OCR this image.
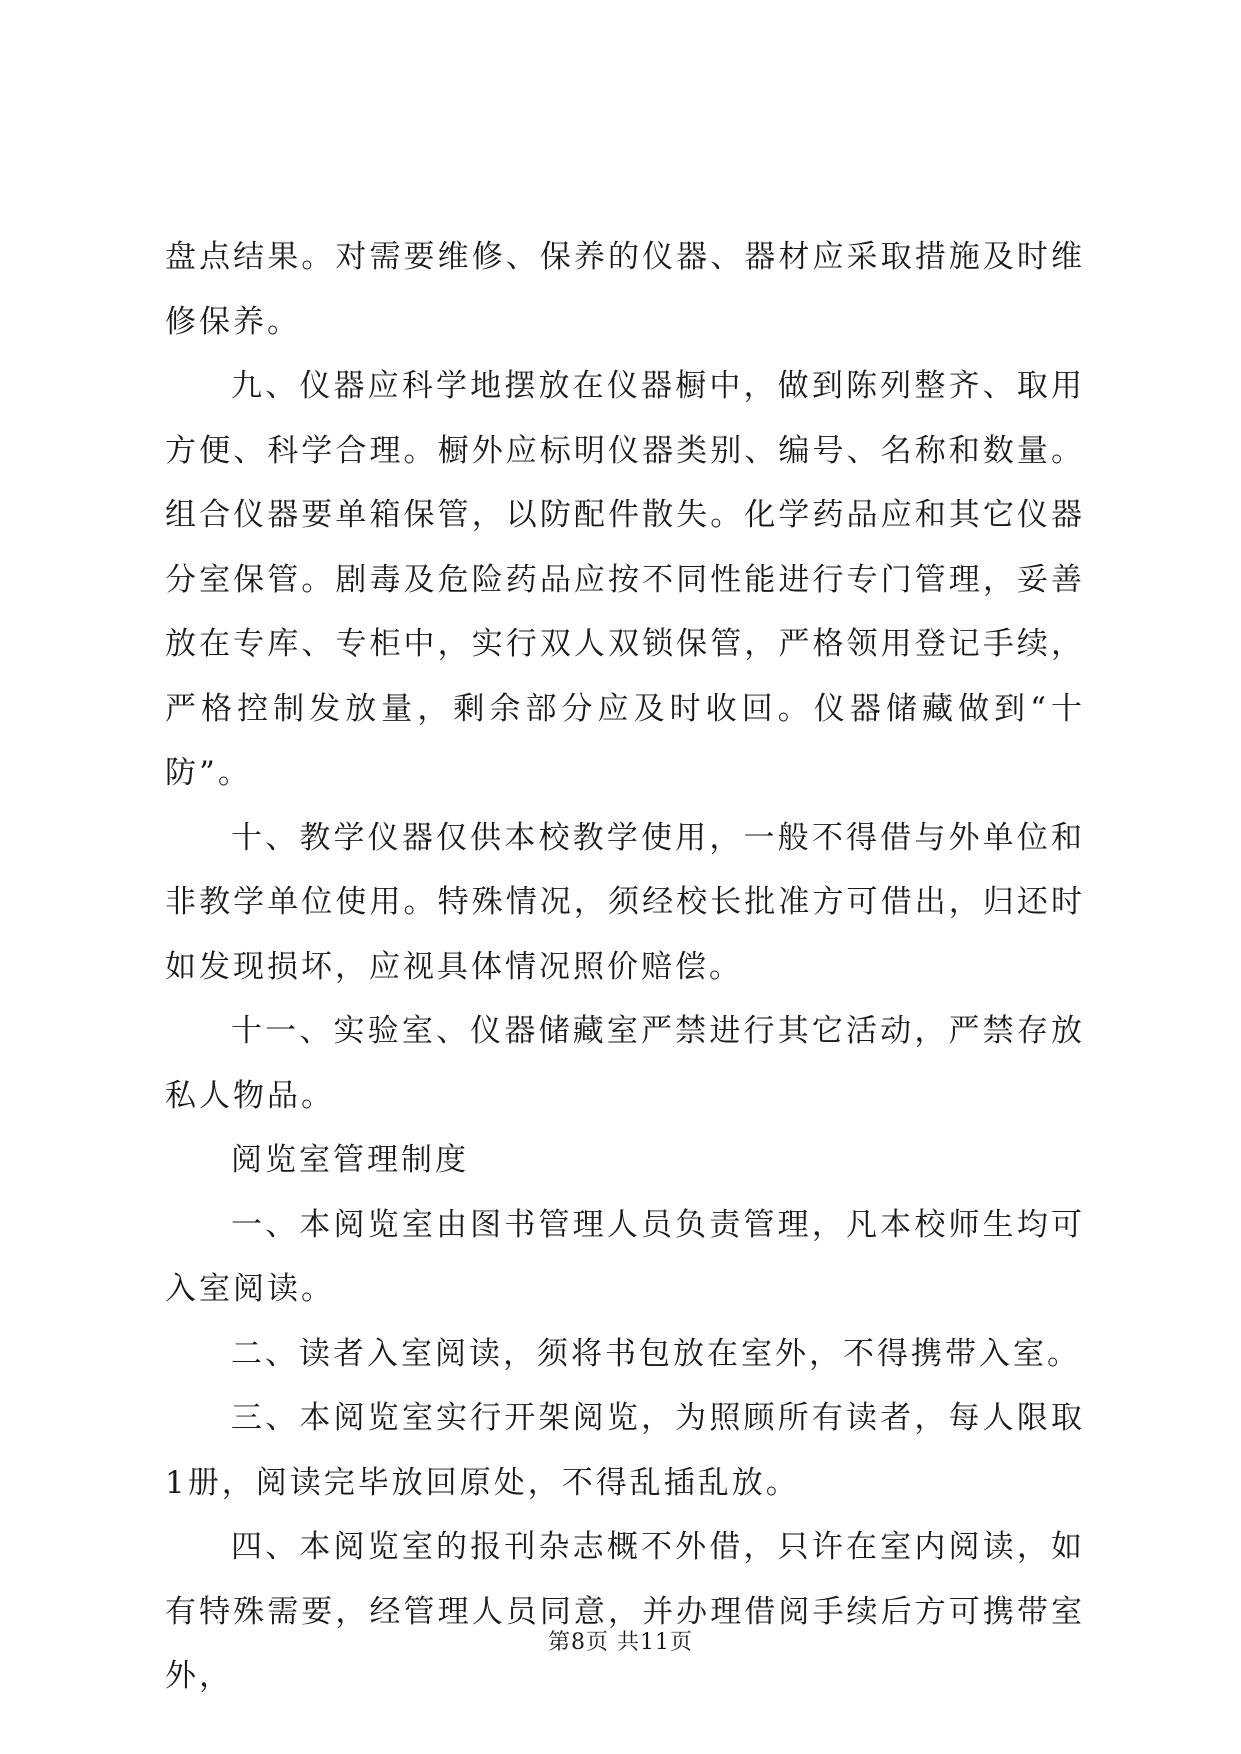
盘点结果。对需要维修、保养的仪器、器材应采取措施及时维修保养。

九、仪器应科学地摆放在仪器橱中，做到陈列整齐、取用方便、科学合理。橱外应标明仪器类别、编号、名称和数量。组合仪器要单箱保管，以防配件散失。化学药品应和其它仪器分室保管。剧毒及危险药品应按不同性能进行专门管理，妥善放在专库、专柜中，实行双人双锁保管，严格领用登记手续，严格控制发放量，剩余部分应及时收回。仪器储藏做到“十防”。

十、教学仪器仅供本校教学使用，一般不得借与外单位和非教学单位使用。特殊情况，须经校长批准方可借出，归还时如发现损坏，应视具体情况照价赔偿。

十一、实验室、仪器储藏室严禁进行其它活动，严禁存放私人物品。

阅览室管理制度

一、本阅览室由图书管理人员负责管理，凡本校师生均可入室阅读。

二、读者入室阅读，须将书包放在室外，不得携带入室。

三、本阅览室实行开架阅览，为照顾所有读者，每人限取1册，阅读完毕放回原处，不得乱插乱放。

四、本阅览室的报刊杂志概不外借，只许在室内阅读，如有特殊需要，经管理人员同意，并办理借阅手续后方可携带室外，

第8页 共11页
